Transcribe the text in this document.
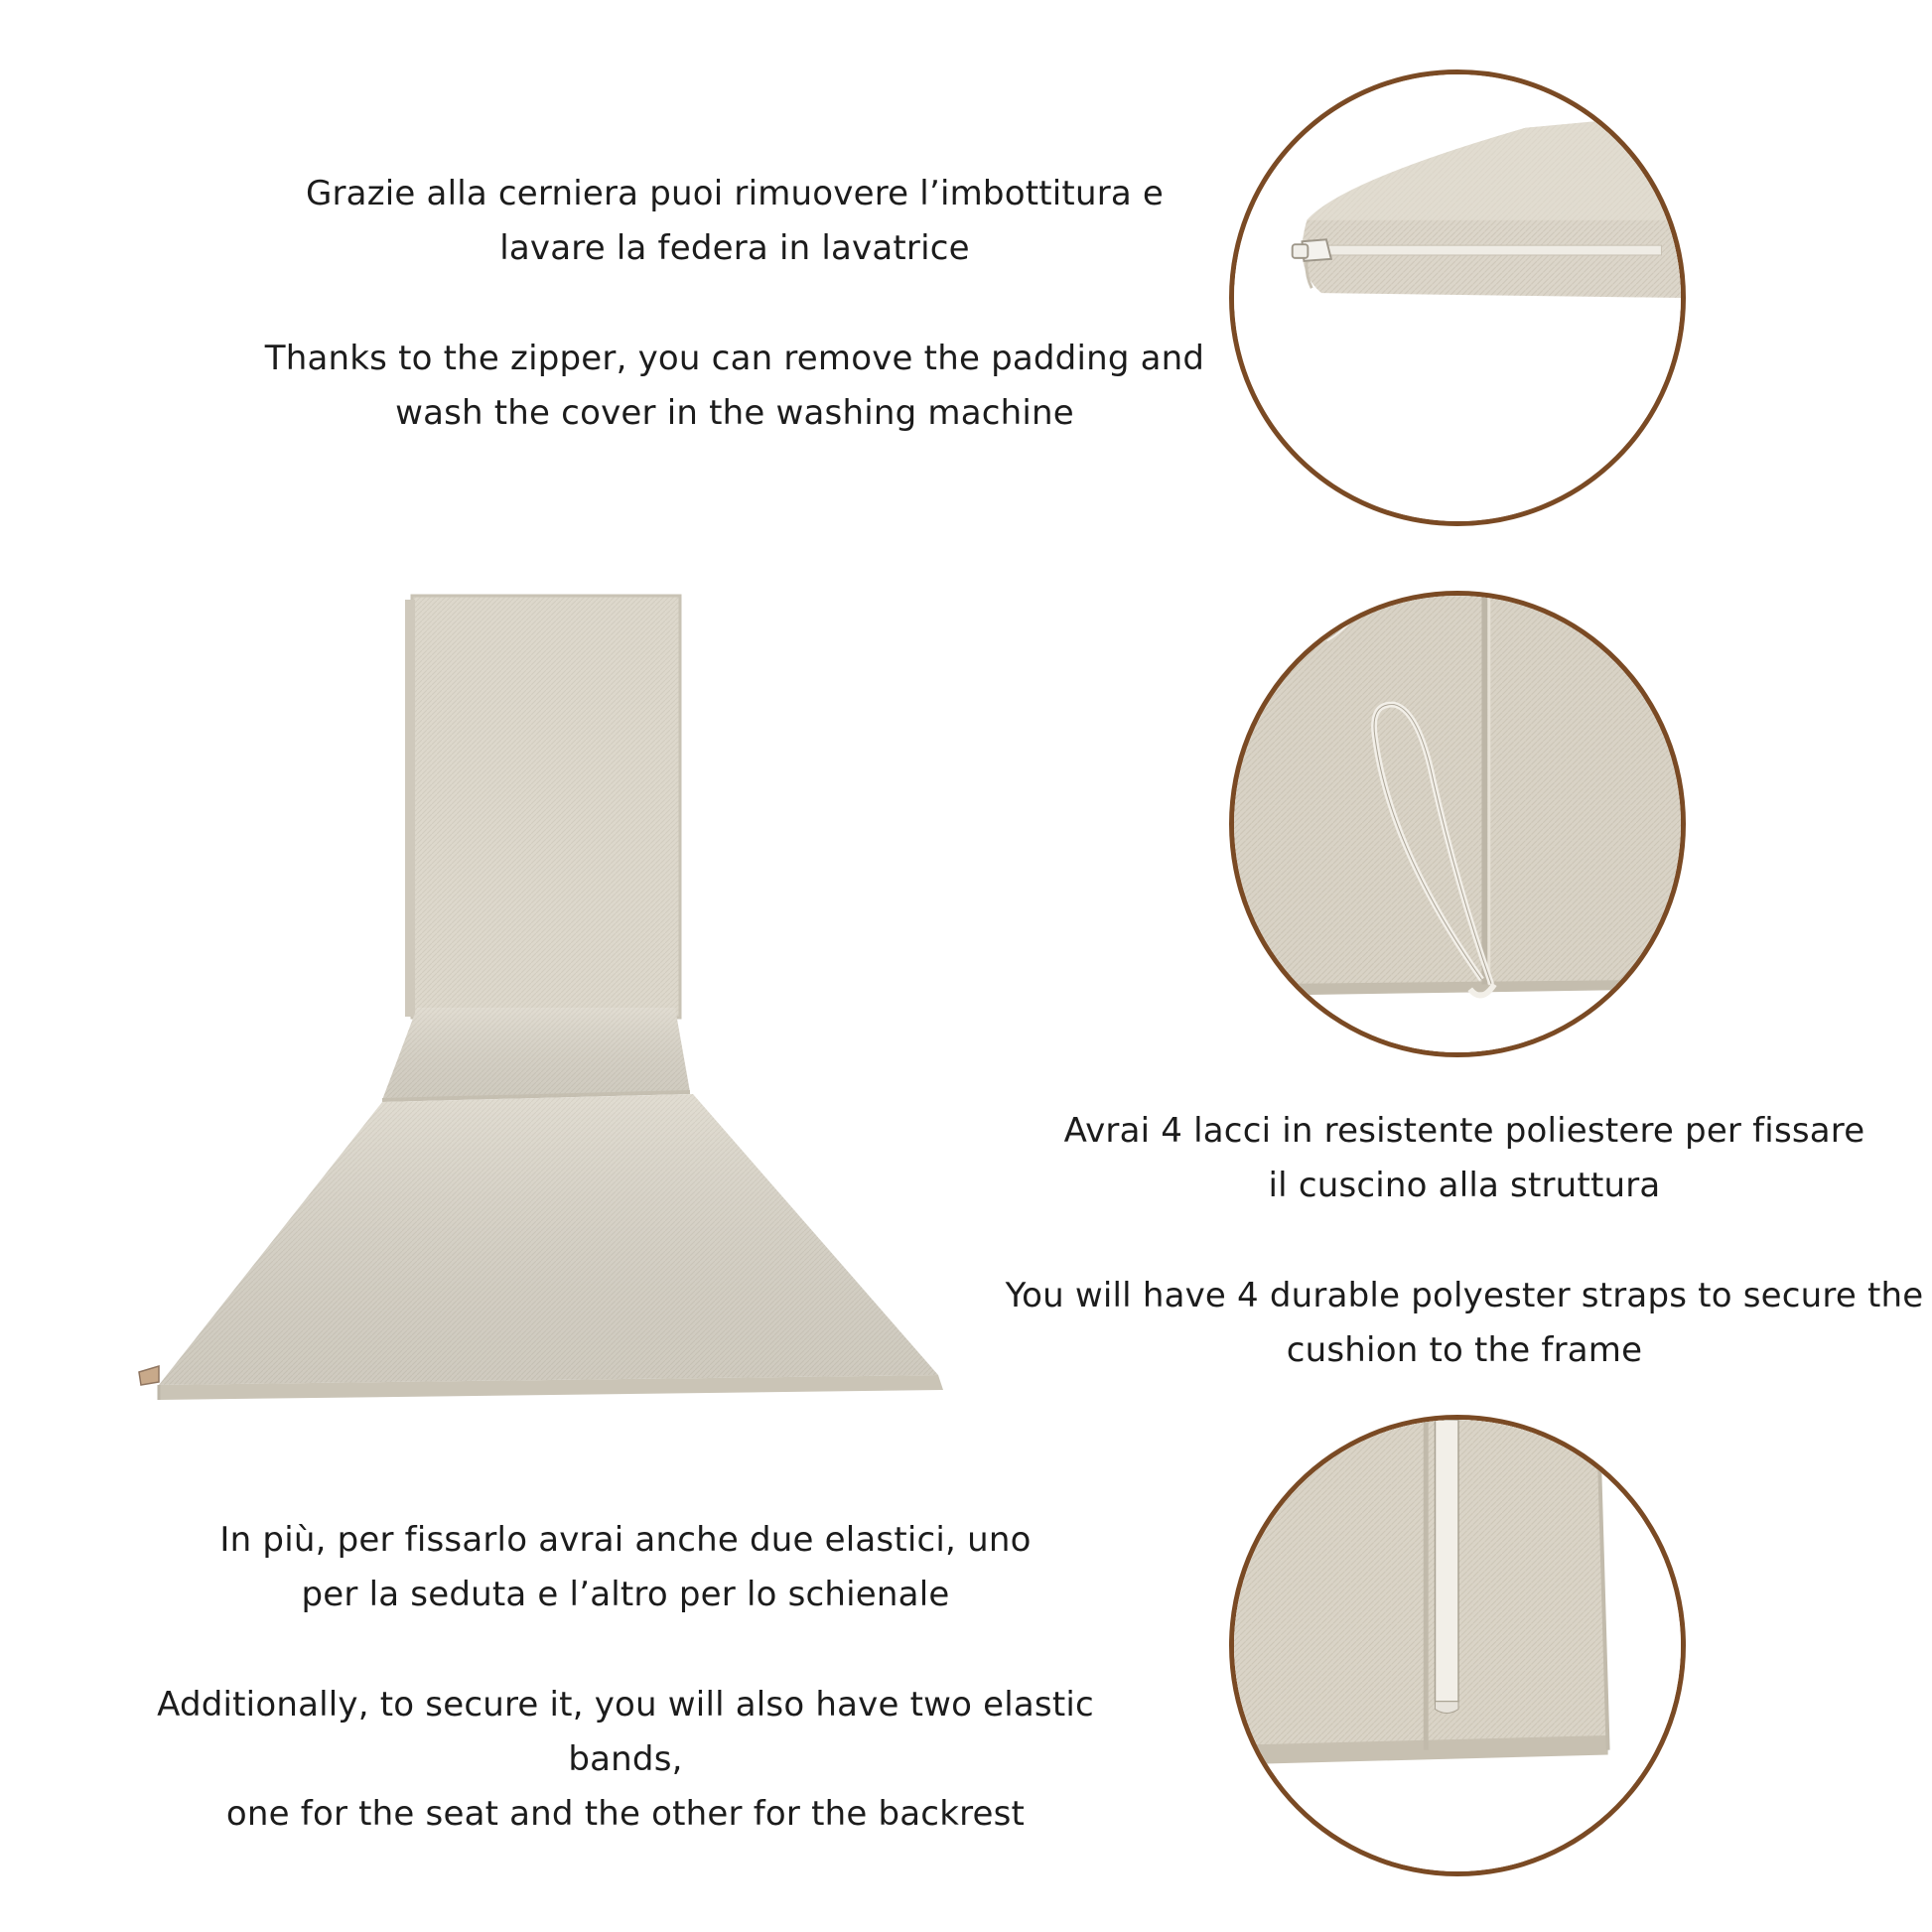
Grazie alla cerniera puoi rimuovere l’imbottitura e

lavare la federa in lavatrice

Thanks to the zipper, you can remove the padding and

wash the cover in the washing machine

Avrai 4 lacci in resistente poliestere per fissare

il cuscino alla struttura

You will have 4 durable polyester straps to secure the

cushion to the frame

In più, per fissarlo avrai anche due elastici, uno

per la seduta e l’altro per lo schienale

Additionally, to secure it, you will also have two elastic bands,

one for the seat and the other for the backrest
